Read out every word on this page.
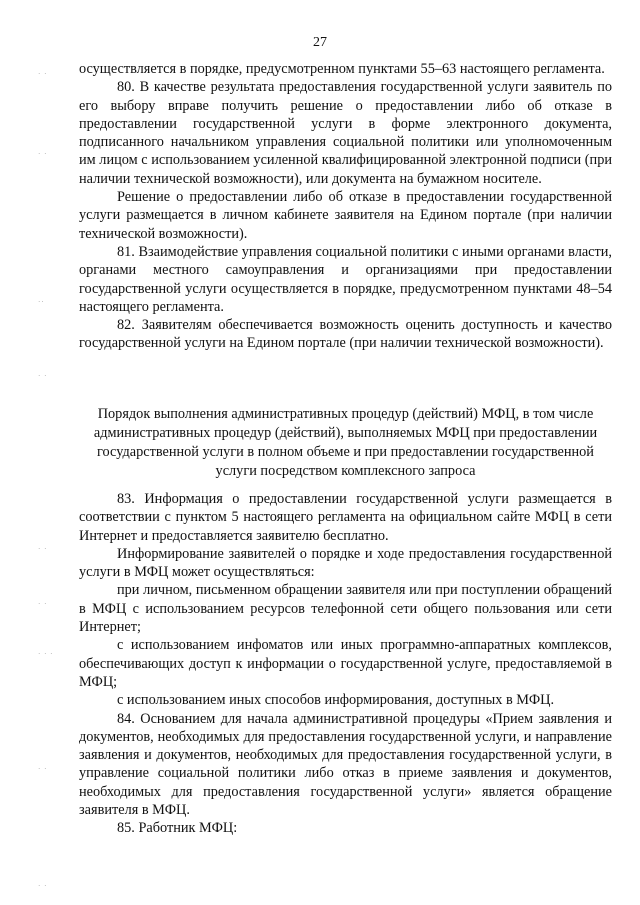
27

осуществляется в порядке, предусмотренном пунктами 55–63 настоящего регламента.

80. В качестве результата предоставления государственной услуги заявитель по его выбору вправе получить решение о предоставлении либо об отказе в предоставлении государственной услуги в форме электронного документа, подписанного начальником управления социальной политики или уполномоченным им лицом с использованием усиленной квалифицированной электронной подписи (при наличии технической возможности), или документа на бумажном носителе.

Решение о предоставлении либо об отказе в предоставлении государственной услуги размещается в личном кабинете заявителя на Едином портале (при наличии технической возможности).

81. Взаимодействие управления социальной политики с иными органами власти, органами местного самоуправления и организациями при предоставлении государственной услуги осуществляется в порядке, предусмотренном пунктами 48–54 настоящего регламента.

82. Заявителям обеспечивается возможность оценить доступность и качество государственной услуги на Едином портале (при наличии технической возможности).

Порядок выполнения административных процедур (действий) МФЦ, в том числе административных процедур (действий), выполняемых МФЦ при предоставлении государственной услуги в полном объеме и при предоставлении государственной услуги посредством комплексного запроса

83. Информация о предоставлении государственной услуги размещается в соответствии с пунктом 5 настоящего регламента на официальном сайте МФЦ в сети Интернет и предоставляется заявителю бесплатно.

Информирование заявителей о порядке и ходе предоставления государственной услуги в МФЦ может осуществляться:

при личном, письменном обращении заявителя или при поступлении обращений в МФЦ с использованием ресурсов телефонной сети общего пользования или сети Интернет;

с использованием инфоматов или иных программно-аппаратных комплексов, обеспечивающих доступ к информации о государственной услуге, предоставляемой в МФЦ;

с использованием иных способов информирования, доступных в МФЦ.

84. Основанием для начала административной процедуры «Прием заявления и документов, необходимых для предоставления государственной услуги, и направление заявления и документов, необходимых для предоставления государственной услуги, в управление социальной политики либо отказ в приеме заявления и документов, необходимых для предоставления государственной услуги» является обращение заявителя в МФЦ.

85. Работник МФЦ:

· ·
· ·
··
· ·
· ·
· ·
· · ·
· ·
· ·
